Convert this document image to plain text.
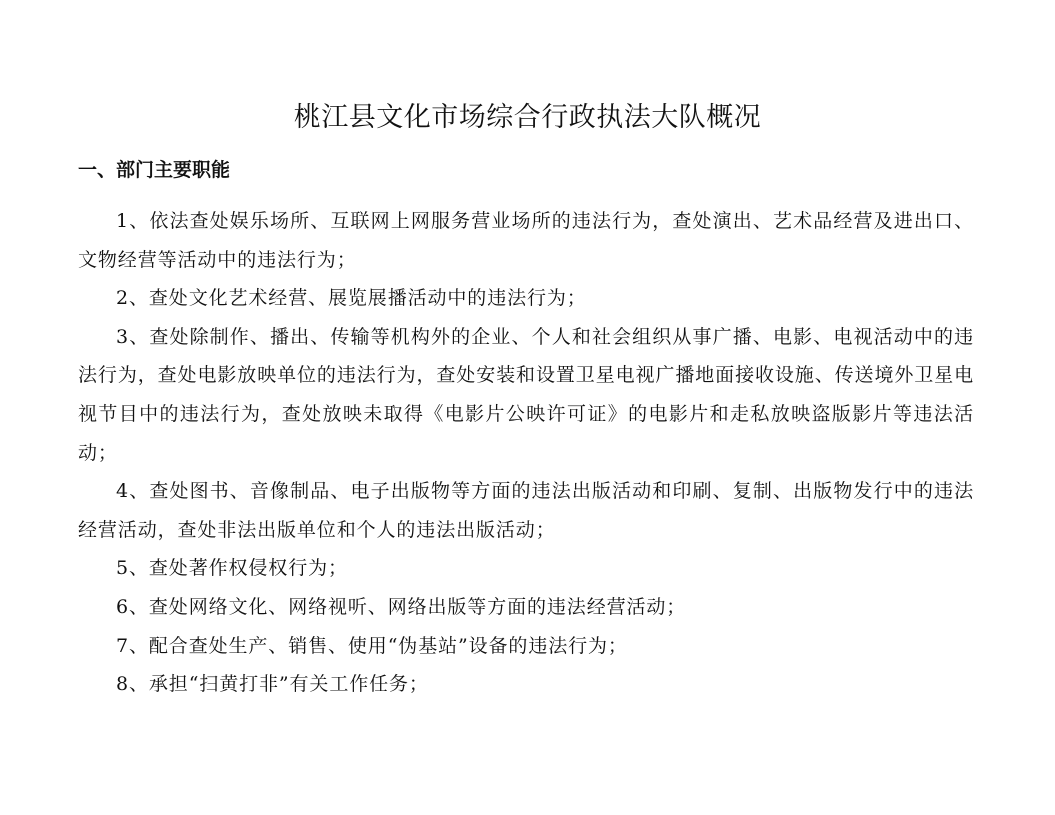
桃江县文化市场综合行政执法大队概况
一、部门主要职能

1、依法查处娱乐场所、互联网上网服务营业场所的违法行为，查处演出、艺术品经营及进出口、文物经营等活动中的违法行为；

2、查处文化艺术经营、展览展播活动中的违法行为；

3、查处除制作、播出、传输等机构外的企业、个人和社会组织从事广播、电影、电视活动中的违法行为，查处电影放映单位的违法行为，查处安装和设置卫星电视广播地面接收设施、传送境外卫星电视节目中的违法行为，查处放映未取得《电影片公映许可证》的电影片和走私放映盗版影片等违法活动；

4、查处图书、音像制品、电子出版物等方面的违法出版活动和印刷、复制、出版物发行中的违法经营活动，查处非法出版单位和个人的违法出版活动；

5、查处著作权侵权行为；

6、查处网络文化、网络视听、网络出版等方面的违法经营活动；

7、配合查处生产、销售、使用“伪基站”设备的违法行为；

8、承担“扫黄打非”有关工作任务；
